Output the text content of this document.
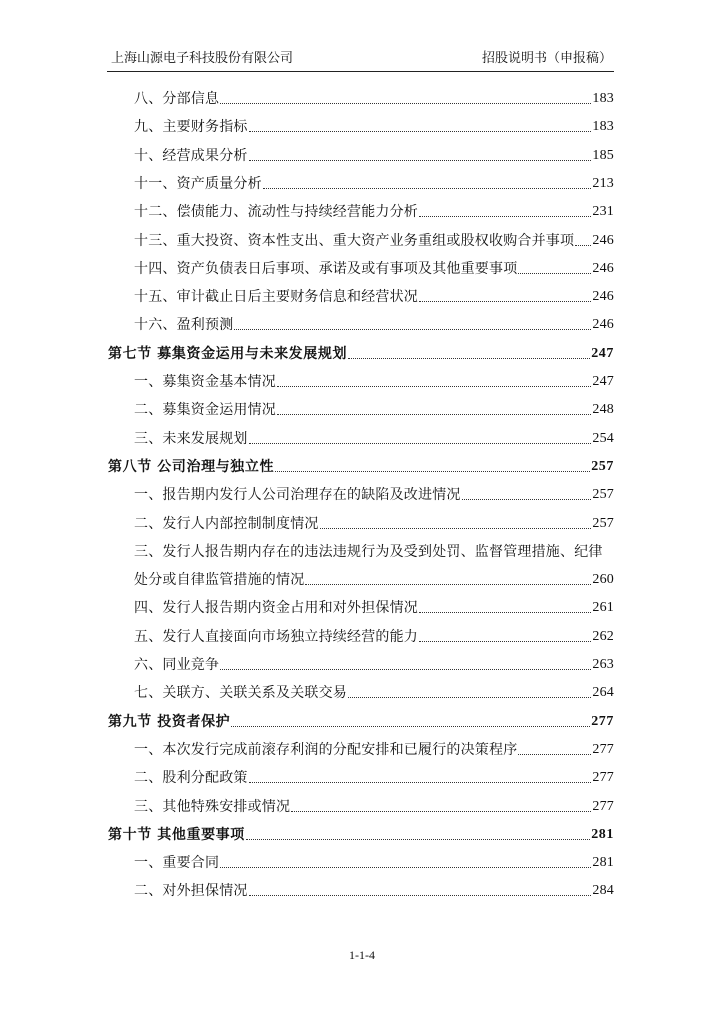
上海山源电子科技股份有限公司	招股说明书（申报稿）
八、分部信息	183
九、主要财务指标	183
十、经营成果分析	185
十一、资产质量分析	213
十二、偿债能力、流动性与持续经营能力分析	231
十三、重大投资、资本性支出、重大资产业务重组或股权收购合并事项 246
十四、资产负债表日后事项、承诺及或有事项及其他重要事项	246
十五、审计截止日后主要财务信息和经营状况	246
十六、盈利预测	246
第七节 募集资金运用与未来发展规划	247
一、募集资金基本情况	247
二、募集资金运用情况	248
三、未来发展规划	254
第八节 公司治理与独立性	257
一、报告期内发行人公司治理存在的缺陷及改进情况	257
二、发行人内部控制制度情况	257
三、发行人报告期内存在的违法违规行为及受到处罚、监督管理措施、纪律
处分或自律监管措施的情况	260
四、发行人报告期内资金占用和对外担保情况	261
五、发行人直接面向市场独立持续经营的能力	262
六、同业竞争	263
七、关联方、关联关系及关联交易	264
第九节 投资者保护	277
一、本次发行完成前滚存利润的分配安排和已履行的决策程序	277
二、股利分配政策	277
三、其他特殊安排或情况	277
第十节 其他重要事项	281
一、重要合同	281
二、对外担保情况	284
1-1-4
